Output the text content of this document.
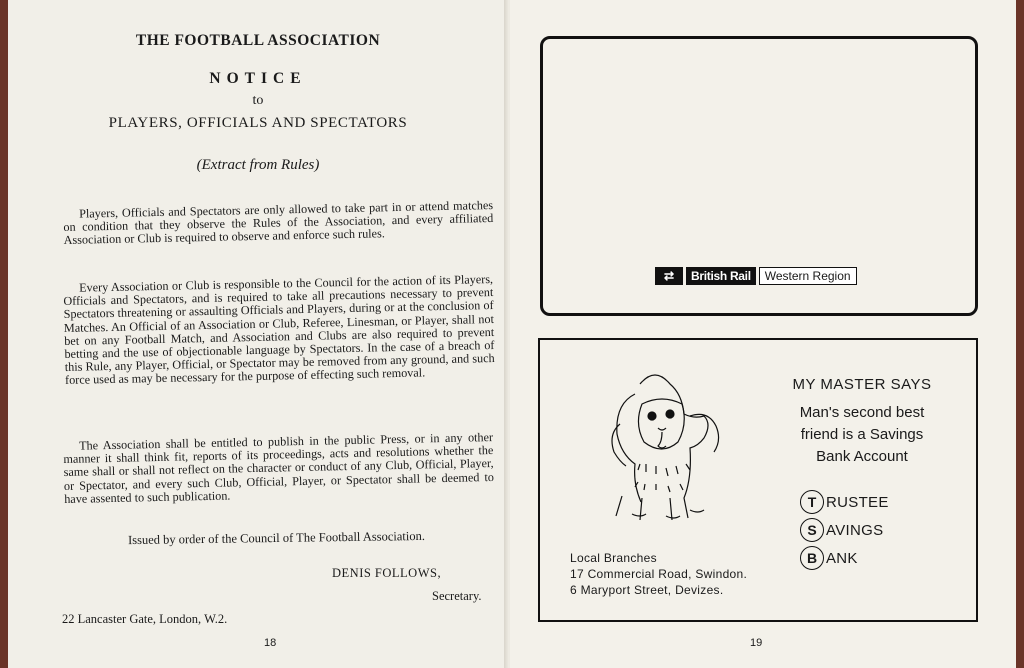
THE FOOTBALL ASSOCIATION
NOTICE
to
PLAYERS, OFFICIALS AND SPECTATORS
(Extract from Rules)
Players, Officials and Spectators are only allowed to take part in or attend matches on condition that they observe the Rules of the Association, and every affiliated Association or Club is required to observe and enforce such rules.
Every Association or Club is responsible to the Council for the action of its Players, Officials and Spectators, and is required to take all precautions necessary to prevent Spectators threatening or assaulting Officials and Players, during or at the conclusion of Matches. An Official of an Association or Club, Referee, Linesman, or Player, shall not bet on any Football Match, and Association and Clubs are also required to prevent betting and the use of objectionable language by Spectators. In the case of a breach of this Rule, any Player, Official, or Spectator may be removed from any ground, and such force used as may be necessary for the purpose of effecting such removal.
The Association shall be entitled to publish in the public Press, or in any other manner it shall think fit, reports of its proceedings, acts and resolutions whether the same shall or shall not reflect on the character or conduct of any Club, Official, Player, or Spectator, and every such Club, Official, Player, or Spectator shall be deemed to have assented to such publication.
Issued by order of the Council of The Football Association.
DENIS FOLLOWS,
Secretary.
22 Lancaster Gate, London, W.2.
18
⇄	British Rail	Western Region
MY MASTER SAYS
Man's second best
friend is a Savings
Bank Account
T RUSTEE
S AVINGS
B ANK
Local Branches
17 Commercial Road, Swindon.
6 Maryport Street, Devizes.
19
